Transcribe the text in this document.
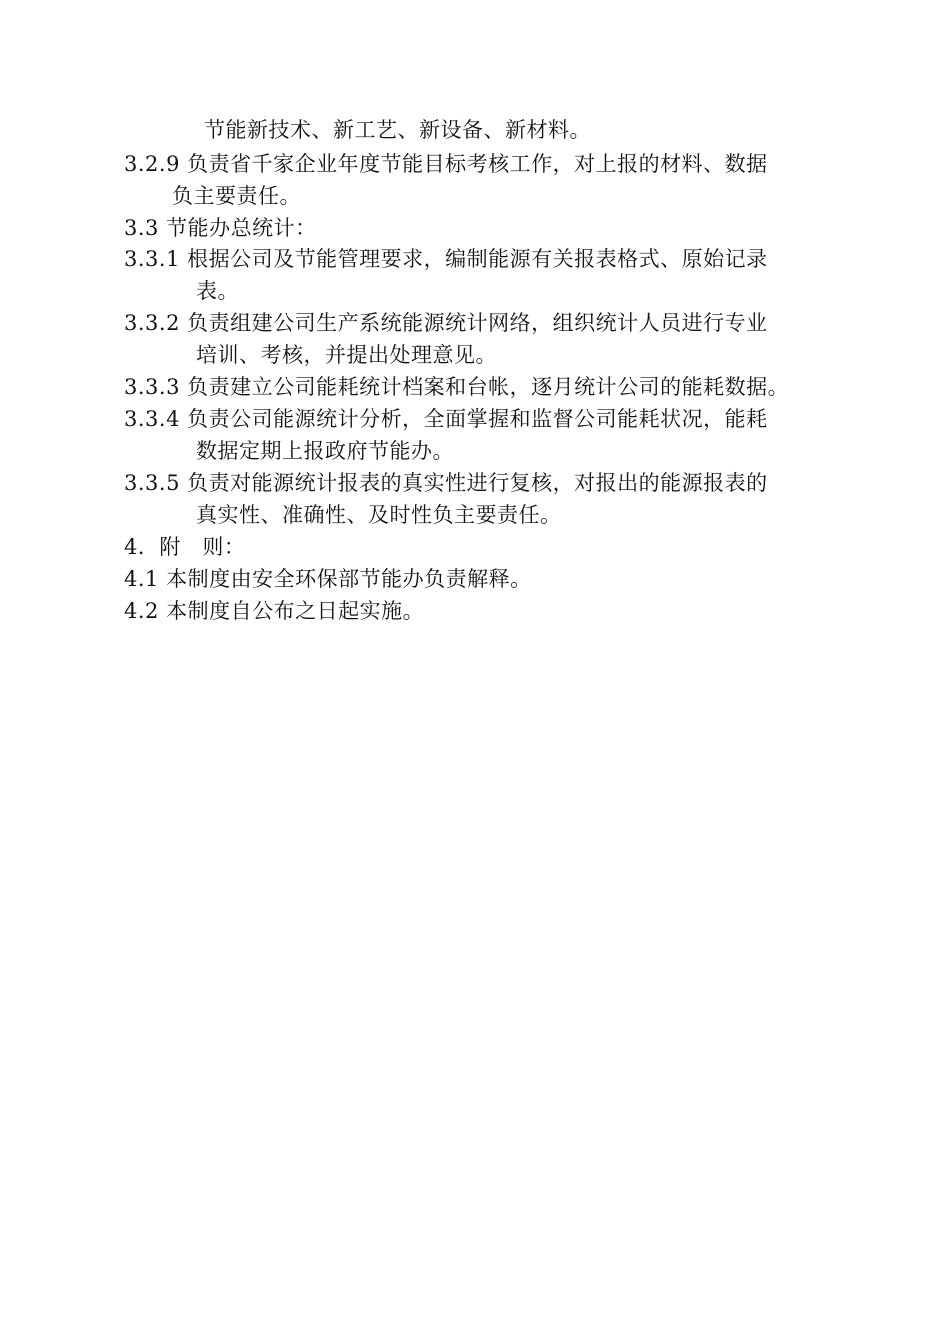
节能新技术、新工艺、新设备、新材料。
3.2.9 负责省千家企业年度节能目标考核工作，对上报的材料、数据
负主要责任。
3.3 节能办总统计：
3.3.1 根据公司及节能管理要求，编制能源有关报表格式、原始记录
表。
3.3.2 负责组建公司生产系统能源统计网络，组织统计人员进行专业
培训、考核，并提出处理意见。
3.3.3 负责建立公司能耗统计档案和台帐，逐月统计公司的能耗数据。
3.3.4 负责公司能源统计分析，全面掌握和监督公司能耗状况，能耗
数据定期上报政府节能办。
3.3.5 负责对能源统计报表的真实性进行复核，对报出的能源报表的
真实性、准确性、及时性负主要责任。
4．附　则：
4.1 本制度由安全环保部节能办负责解释。
4.2 本制度自公布之日起实施。
